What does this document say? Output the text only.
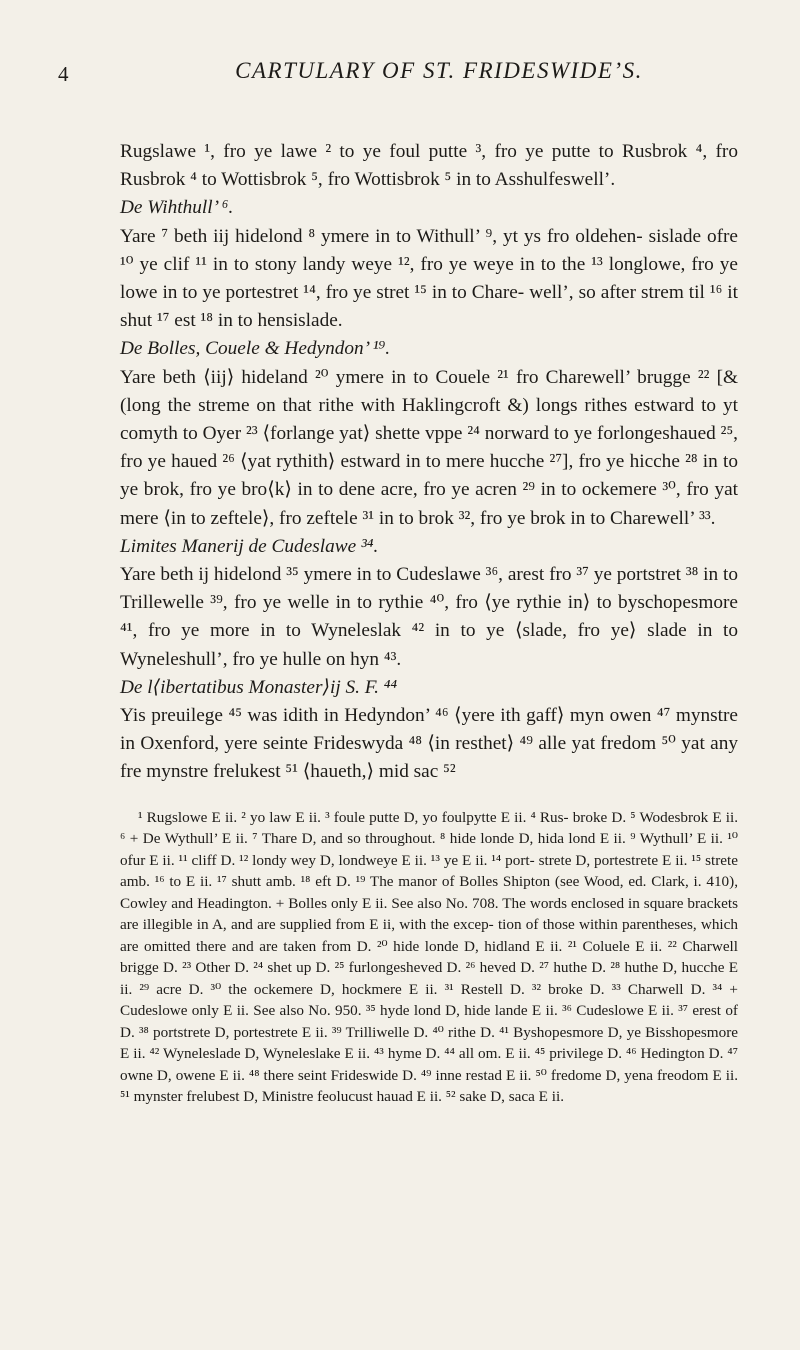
4	CARTULARY OF ST. FRIDESWIDE’S.

Rugslawe ¹, fro ye lawe ² to ye foul putte ³, fro ye putte to Rusbrok ⁴, fro Rusbrok ⁴ to Wottisbrok ⁵, fro Wottisbrok ⁵ in to Asshulfeswell’.

De Wihthull’ ⁶.

Yare ⁷ beth iij hidelond ⁸ ymere in to Withull’ ⁹, yt ys fro oldehen- sislade ofre ¹⁰ ye clif ¹¹ in to stony landy weye ¹², fro ye weye in to the ¹³ longlowe, fro ye lowe in to ye portestret ¹⁴, fro ye stret ¹⁵ in to Chare- well’, so after strem til ¹⁶ it shut ¹⁷ est ¹⁸ in to hensislade.

De Bolles, Couele & Hedyndon’ ¹⁹.

Yare beth ⟨iij⟩ hideland ²⁰ ymere in to Couele ²¹ fro Charewell’ brugge ²² [& (long the streme on that rithe with Haklingcroft &) longs rithes estward to yt comyth to Oyer ²³ ⟨forlange yat⟩ shette vppe ²⁴ norward to ye forlongeshaued ²⁵, fro ye haued ²⁶ ⟨yat rythith⟩ estward in to mere hucche ²⁷], fro ye hicche ²⁸ in to ye brok, fro ye bro⟨k⟩ in to dene acre, fro ye acren ²⁹ in to ockemere ³⁰, fro yat mere ⟨in to zeftele⟩, fro zeftele ³¹ in to brok ³², fro ye brok in to Charewell’ ³³.

Limites Manerij de Cudeslawe ³⁴.

Yare beth ij hidelond ³⁵ ymere in to Cudeslawe ³⁶, arest fro ³⁷ ye portstret ³⁸ in to Trillewelle ³⁹, fro ye welle in to rythie ⁴⁰, fro ⟨ye rythie in⟩ to byschopesmore ⁴¹, fro ye more in to Wyneleslak ⁴² in to ye ⟨slade, fro ye⟩ slade in to Wyneleshull’, fro ye hulle on hyn ⁴³.

De l⟨ibertatibus Monaster⟩ij S. F. ⁴⁴

Yis preuilege ⁴⁵ was idith in Hedyndon’ ⁴⁶ ⟨yere ith gaff⟩ myn owen ⁴⁷ mynstre in Oxenford, yere seinte Frideswyda ⁴⁸ ⟨in resthet⟩ ⁴⁹ alle yat fredom ⁵⁰ yat any fre mynstre frelukest ⁵¹ ⟨haueth,⟩ mid sac ⁵²

¹ Rugslowe E ii. ² yo law E ii. ³ foule putte D, yo foulpytte E ii. ⁴ Rus- broke D. ⁵ Wodesbrok E ii. ⁶ + De Wythull’ E ii. ⁷ Thare D, and so throughout. ⁸ hide londe D, hida lond E ii. ⁹ Wythull’ E ii. ¹⁰ ofur E ii. ¹¹ cliff D. ¹² londy wey D, londweye E ii. ¹³ ye E ii. ¹⁴ port- strete D, portestrete E ii. ¹⁵ strete amb. ¹⁶ to E ii. ¹⁷ shutt amb. ¹⁸ eft D. ¹⁹ The manor of Bolles Shipton (see Wood, ed. Clark, i. 410), Cowley and Headington. + Bolles only E ii. See also No. 708. The words enclosed in square brackets are illegible in A, and are supplied from E ii, with the excep- tion of those within parentheses, which are omitted there and are taken from D. ²⁰ hide londe D, hidland E ii. ²¹ Coluele E ii. ²² Charwell brigge D. ²³ Other D. ²⁴ shet up D. ²⁵ furlongesheved D. ²⁶ heved D. ²⁷ huthe D. ²⁸ huthe D, hucche E ii. ²⁹ acre D. ³⁰ the ockemere D, hockmere E ii. ³¹ Restell D. ³² broke D. ³³ Charwell D. ³⁴ + Cudeslowe only E ii. See also No. 950. ³⁵ hyde lond D, hide lande E ii. ³⁶ Cudeslowe E ii. ³⁷ erest of D. ³⁸ portstrete D, portestrete E ii. ³⁹ Trilliwelle D. ⁴⁰ rithe D. ⁴¹ Byshopesmore D, ye Bisshopesmore E ii. ⁴² Wyneleslade D, Wyneleslake E ii. ⁴³ hyme D. ⁴⁴ all om. E ii. ⁴⁵ privilege D. ⁴⁶ Hedington D. ⁴⁷ owne D, owene E ii. ⁴⁸ there seint Frideswide D. ⁴⁹ inne restad E ii. ⁵⁰ fredome D, yena freodom E ii. ⁵¹ mynster frelubest D, Ministre feolucust hauad E ii. ⁵² sake D, saca E ii.
